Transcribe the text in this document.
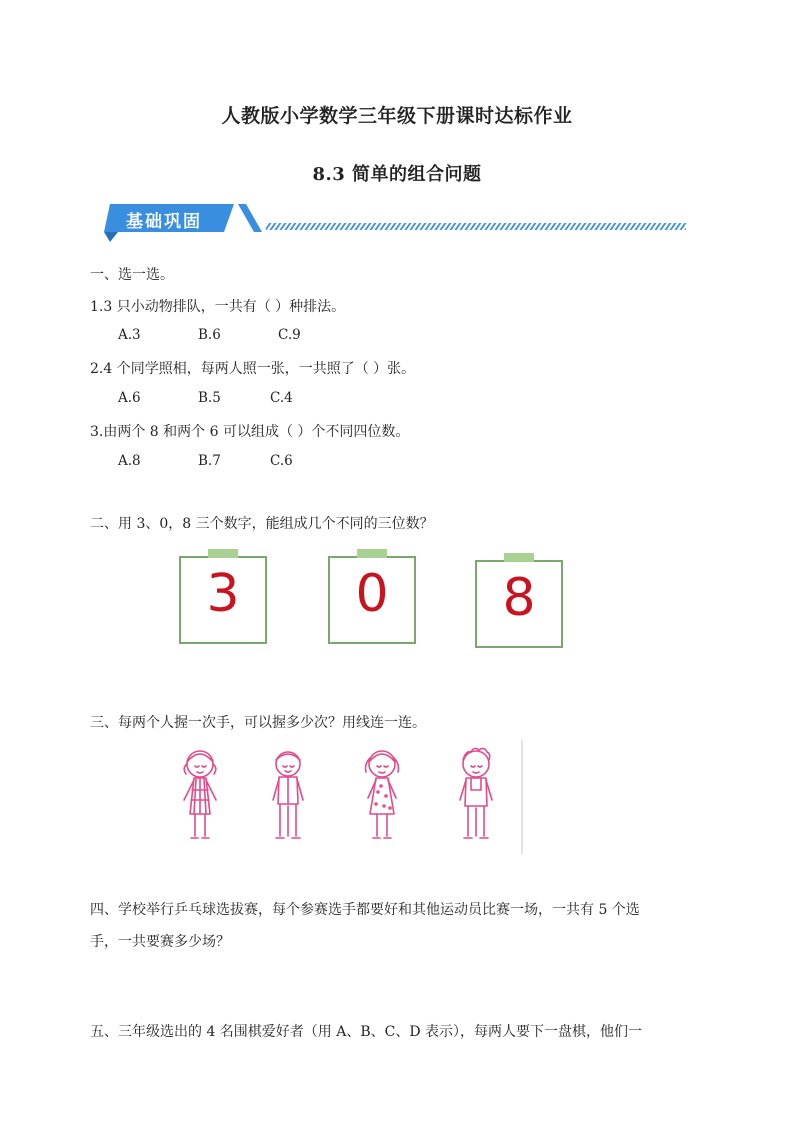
人教版小学数学三年级下册课时达标作业
8.3 简单的组合问题
基础巩固
一、选一选。
1.3 只小动物排队，一共有（ ）种排法。
A.3	B.6	C.9
2.4 个同学照相，每两人照一张，一共照了（ ）张。
A.6	B.5	C.4
3.由两个 8 和两个 6 可以组成（ ）个不同四位数。
A.8	B.7	C.6
二、用 3、0，8 三个数字，能组成几个不同的三位数？
3	0	8
三、每两个人握一次手，可以握多少次？用线连一连。
四、学校举行乒乓球选拔赛，每个参赛选手都要好和其他运动员比赛一场，一共有 5 个选
手，一共要赛多少场？
五、三年级选出的 4 名围棋爱好者（用 A、B、C、D 表示），每两人要下一盘棋，他们一
